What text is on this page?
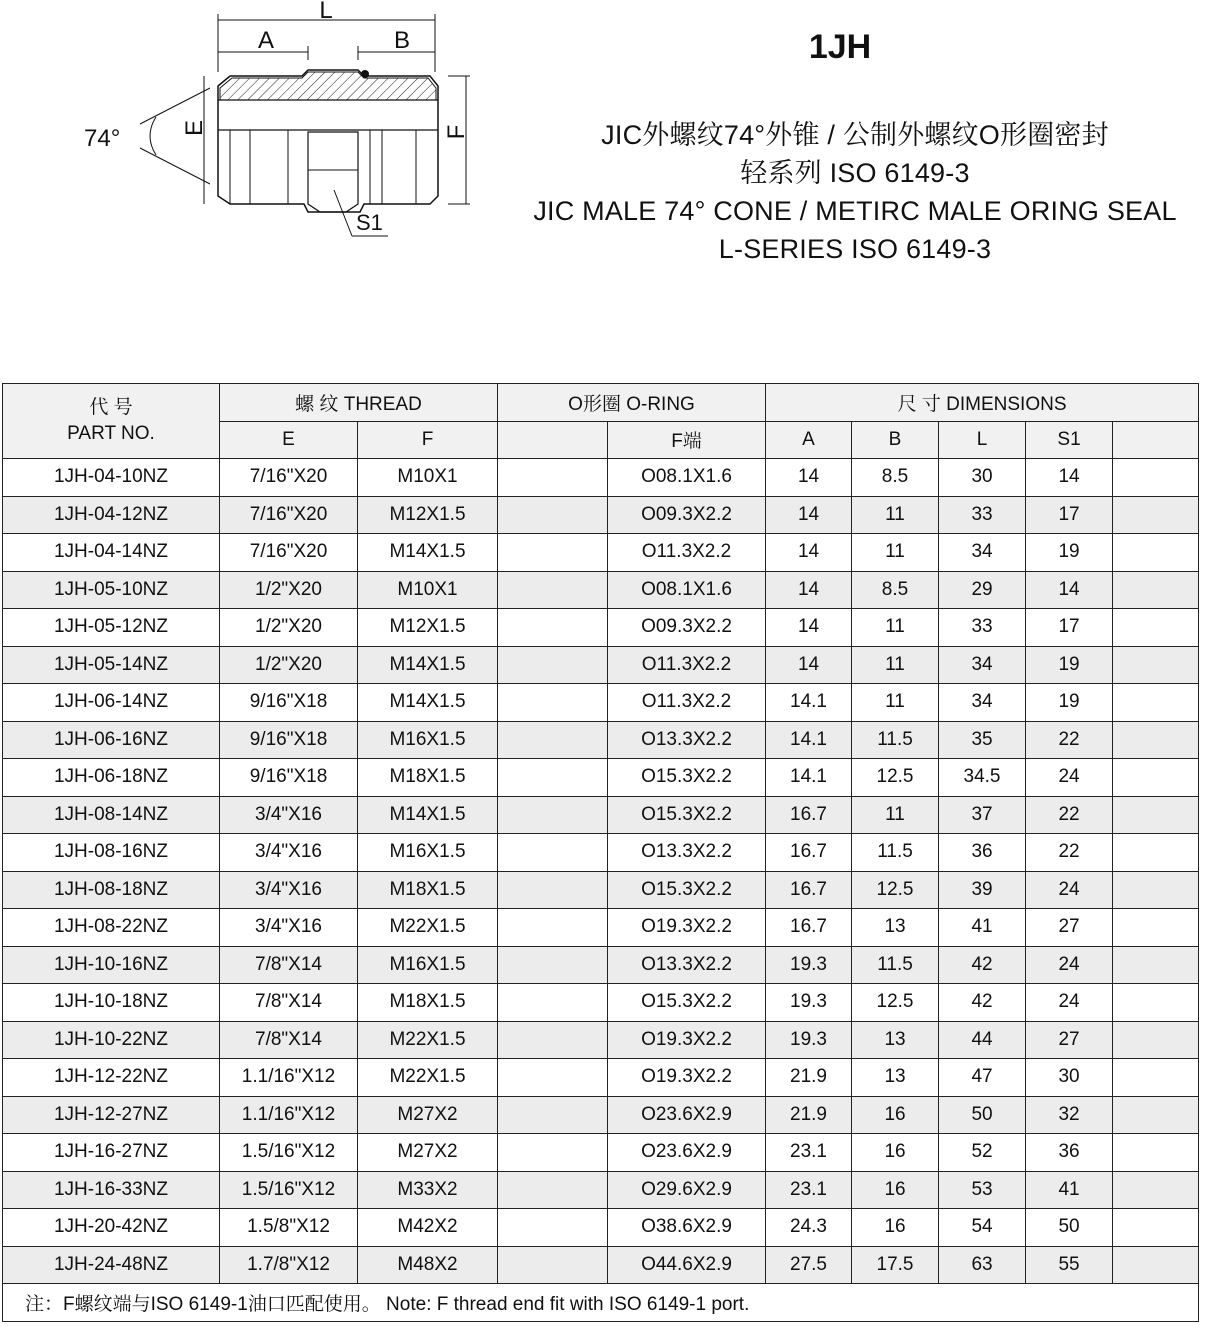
L
A	B
74°	E	F
S1
1JH

JIC外螺纹74°外锥 / 公制外螺纹O形圈密封

轻系列 ISO 6149-3

JIC MALE 74° CONE / METIRC MALE ORING SEAL

L-SERIES ISO 6149-3

代 号
PART NO.	螺 纹 THREAD		O形圈 O-RING		尺 寸 DIMENSIONS				
	E	F		F端	A	B	L	S1	
1JH-04-10NZ	7/16"X20	M10X1		O08.1X1.6	14	8.5	30	14	
1JH-04-12NZ	7/16"X20	M12X1.5		O09.3X2.2	14	11	33	17	
1JH-04-14NZ	7/16"X20	M14X1.5		O11.3X2.2	14	11	34	19	
1JH-05-10NZ	1/2"X20	M10X1		O08.1X1.6	14	8.5	29	14	
1JH-05-12NZ	1/2"X20	M12X1.5		O09.3X2.2	14	11	33	17	
1JH-05-14NZ	1/2"X20	M14X1.5		O11.3X2.2	14	11	34	19	
1JH-06-14NZ	9/16"X18	M14X1.5		O11.3X2.2	14.1	11	34	19	
1JH-06-16NZ	9/16"X18	M16X1.5		O13.3X2.2	14.1	11.5	35	22	
1JH-06-18NZ	9/16"X18	M18X1.5		O15.3X2.2	14.1	12.5	34.5	24	
1JH-08-14NZ	3/4"X16	M14X1.5		O15.3X2.2	16.7	11	37	22	
1JH-08-16NZ	3/4"X16	M16X1.5		O13.3X2.2	16.7	11.5	36	22	
1JH-08-18NZ	3/4"X16	M18X1.5		O15.3X2.2	16.7	12.5	39	24	
1JH-08-22NZ	3/4"X16	M22X1.5		O19.3X2.2	16.7	13	41	27	
1JH-10-16NZ	7/8"X14	M16X1.5		O13.3X2.2	19.3	11.5	42	24	
1JH-10-18NZ	7/8"X14	M18X1.5		O15.3X2.2	19.3	12.5	42	24	
1JH-10-22NZ	7/8"X14	M22X1.5		O19.3X2.2	19.3	13	44	27	
1JH-12-22NZ	1.1/16"X12	M22X1.5		O19.3X2.2	21.9	13	47	30	
1JH-12-27NZ	1.1/16"X12	M27X2		O23.6X2.9	21.9	16	50	32	
1JH-16-27NZ	1.5/16"X12	M27X2		O23.6X2.9	23.1	16	52	36	
1JH-16-33NZ	1.5/16"X12	M33X2		O29.6X2.9	23.1	16	53	41	
1JH-20-42NZ	1.5/8"X12	M42X2		O38.6X2.9	24.3	16	54	50	
1JH-24-48NZ	1.7/8"X12	M48X2		O44.6X2.9	27.5	17.5	63	55	
注：F螺纹端与ISO 6149-1油口匹配使用。 Note: F thread end fit with ISO 6149-1 port.									
